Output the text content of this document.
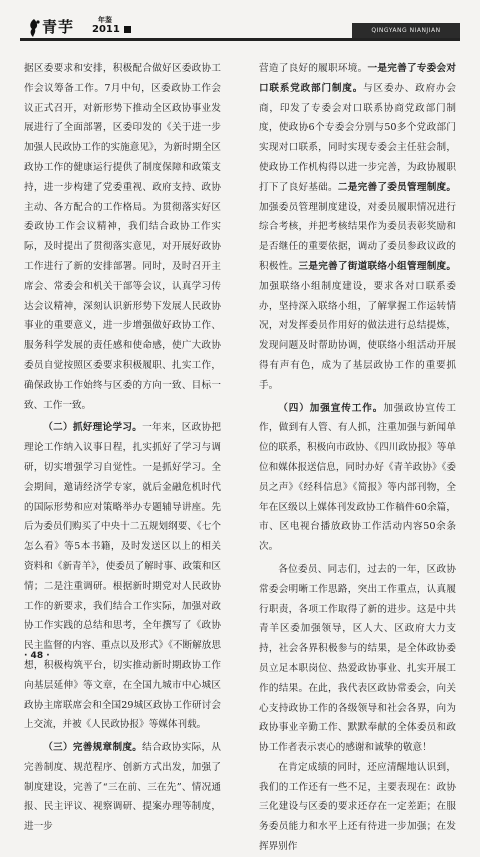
青芋	年鉴
2011	QINGYANG NIANJIAN

据区委要求和安排，积极配合做好区委政协工作会议筹备工作。7月中旬，区委政协工作会议正式召开，对新形势下推动全区政协事业发展进行了全面部署，区委印发的《关于进一步加强人民政协工作的实施意见》，为新时期全区政协工作的健康运行提供了制度保障和政策支持，进一步构建了党委重视、政府支持、政协主动、各方配合的工作格局。为贯彻落实好区委政协工作会议精神，我们结合政协工作实际，及时提出了贯彻落实意见，对开展好政协工作进行了新的安排部署。同时，及时召开主席会、常委会和机关干部等会议，认真学习传达会议精神，深刻认识新形势下发展人民政协事业的重要意义，进一步增强做好政协工作、服务科学发展的责任感和使命感，使广大政协委员自觉按照区委要求积极履职、扎实工作，确保政协工作始终与区委的方向一致、目标一致、工作一致。

（二）抓好理论学习。一年来，区政协把理论工作纳入议事日程，扎实抓好了学习与调研，切实增强学习自觉性。一是抓好学习。全会期间，邀请经济学专家，就后金融危机时代的国际形势和应对策略举办专题辅导讲座。先后为委员们购买了中央十二五规划纲要、《七个怎么看》等5本书籍，及时发送区以上的相关资料和《新青羊》，使委员了解时事、政策和区情；二是注重调研。根据新时期党对人民政协工作的新要求，我们结合工作实际，加强对政协工作实践的总结和思考，全年撰写了《政协民主监督的内容、重点以及形式》《不断解放思想，积极构筑平台，切实推动新时期政协工作向基层延伸》等文章，在全国九城市中心城区政协主席联席会和全国29城区政协工作研讨会上交流，并被《人民政协报》等媒体刊载。

（三）完善规章制度。结合政协实际，从完善制度、规范程序、创新方式出发，加强了制度建设，完善了“三在前、三在先”、情况通报、民主评议、视察调研、提案办理等制度，进一步

营造了良好的履职环境。一是完善了专委会对口联系党政部门制度。与区委办、政府办会商，印发了专委会对口联系协商党政部门制度，使政协6个专委会分别与50多个党政部门实现对口联系，同时实现专委会主任驻会制，使政协工作机构得以进一步完善，为政协履职打下了良好基础。二是完善了委员管理制度。加强委员管理制度建设，对委员履职情况进行综合考核，并把考核结果作为委员表彰奖励和是否继任的重要依据，调动了委员参政议政的积极性。三是完善了街道联络小组管理制度。加强联络小组制度建设，要求各对口联系委办，坚持深入联络小组，了解掌握工作运转情况，对发挥委员作用好的做法进行总结提炼，发现问题及时帮助协调，使联络小组活动开展得有声有色，成为了基层政协工作的重要抓手。

（四）加强宣传工作。加强政协宣传工作，做到有人管、有人抓，注重加强与新闻单位的联系，积极向市政协、《四川政协报》等单位和媒体报送信息，同时办好《青羊政协》《委员之声》《经科信息》《简报》等内部刊物，全年在区级以上媒体刊发政协工作稿件60余篇，市、区电视台播放政协工作活动内容50余条次。

各位委员、同志们，过去的一年，区政协常委会明晰工作思路，突出工作重点，认真履行职责，各项工作取得了新的进步。这是中共青羊区委加强领导，区人大、区政府大力支持，社会各界积极参与的结果，是全体政协委员立足本职岗位、热爱政协事业、扎实开展工作的结果。在此，我代表区政协常委会，向关心支持政协工作的各级领导和社会各界，向为政协事业辛勤工作、默默奉献的全体委员和政协工作者表示衷心的感谢和诚挚的敬意！

在肯定成绩的同时，还应清醒地认识到，我们的工作还有一些不足，主要表现在：政协三化建设与区委的要求还存在一定差距；在服务委员能力和水平上还有待进一步加强；在发挥界别作

· 48 ·
